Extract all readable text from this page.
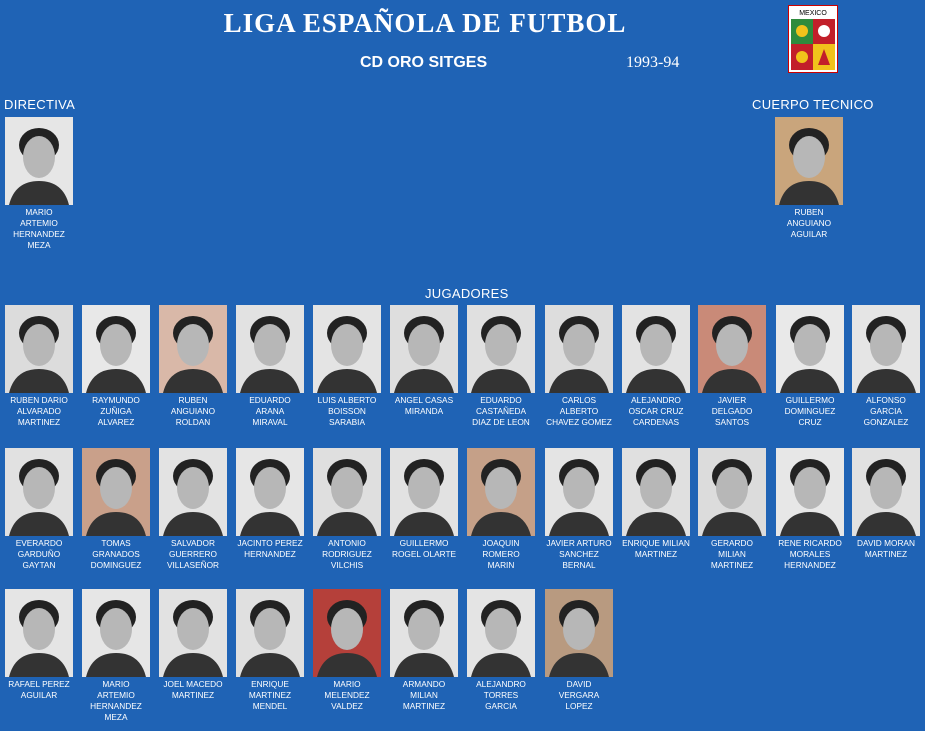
LIGA ESPAÑOLA DE FUTBOL
CD ORO SITGES	1993-94
MEXICO
DIRECTIVA	CUERPO TECNICO
JUGADORES
MARIO
ARTEMIO
HERNANDEZ
MEZA
RUBEN
ANGUIANO
AGUILAR
RUBEN DARIO
ALVARADO
MARTINEZ
RAYMUNDO
ZUÑIGA
ALVAREZ
RUBEN
ANGUIANO
ROLDAN
EDUARDO
ARANA
MIRAVAL
LUIS ALBERTO
BOISSON
SARABIA
ANGEL CASAS
MIRANDA
EDUARDO
CASTAÑEDA
DIAZ DE LEON
CARLOS
ALBERTO
CHAVEZ GOMEZ
ALEJANDRO
OSCAR CRUZ
CARDENAS
JAVIER
DELGADO
SANTOS
GUILLERMO
DOMINGUEZ
CRUZ
ALFONSO
GARCIA
GONZALEZ
EVERARDO
GARDUÑO
GAYTAN
TOMAS
GRANADOS
DOMINGUEZ
SALVADOR
GUERRERO
VILLASEÑOR
JACINTO PEREZ
HERNANDEZ
ANTONIO
RODRIGUEZ
VILCHIS
GUILLERMO
ROGEL OLARTE
JOAQUIN
ROMERO
MARIN
JAVIER ARTURO
SANCHEZ
BERNAL
ENRIQUE MILIAN
MARTINEZ
GERARDO
MILIAN
MARTINEZ
RENE RICARDO
MORALES
HERNANDEZ
DAVID MORAN
MARTINEZ
RAFAEL PEREZ
AGUILAR
MARIO
ARTEMIO
HERNANDEZ
MEZA
JOEL MACEDO
MARTINEZ
ENRIQUE
MARTINEZ
MENDEL
MARIO
MELENDEZ
VALDEZ
ARMANDO
MILIAN
MARTINEZ
ALEJANDRO
TORRES
GARCIA
DAVID
VERGARA
LOPEZ
